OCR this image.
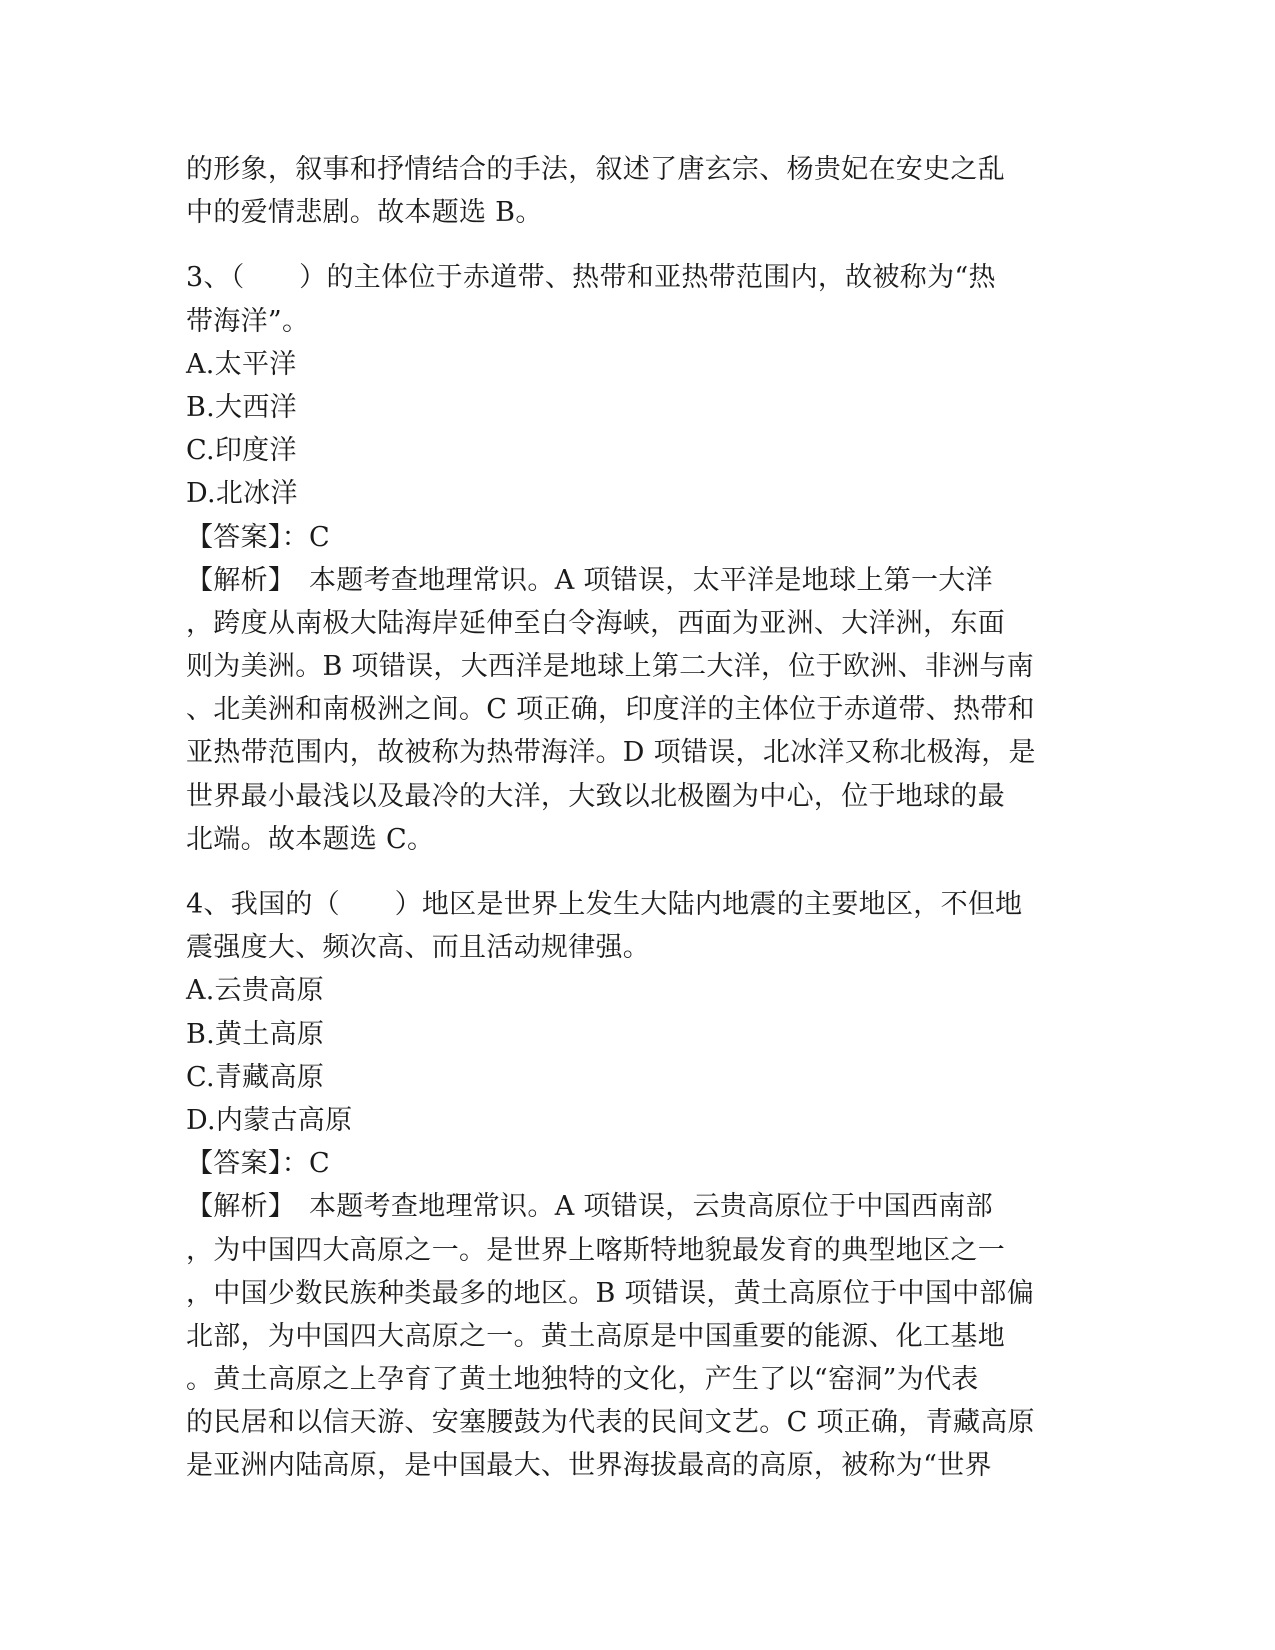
的形象，叙事和抒情结合的手法，叙述了唐玄宗、杨贵妃在安史之乱
中的爱情悲剧。故本题选 B。
3、（　　）的主体位于赤道带、热带和亚热带范围内，故被称为“热
带海洋”。
A.太平洋
B.大西洋
C.印度洋
D.北冰洋
【答案】：C
【解析】　本题考查地理常识。A 项错误，太平洋是地球上第一大洋
，跨度从南极大陆海岸延伸至白令海峡，西面为亚洲、大洋洲，东面
则为美洲。B 项错误，大西洋是地球上第二大洋，位于欧洲、非洲与南
、北美洲和南极洲之间。C 项正确，印度洋的主体位于赤道带、热带和
亚热带范围内，故被称为热带海洋。D 项错误，北冰洋又称北极海，是
世界最小最浅以及最冷的大洋，大致以北极圈为中心，位于地球的最
北端。故本题选 C。
4、我国的（　　）地区是世界上发生大陆内地震的主要地区，不但地
震强度大、频次高、而且活动规律强。
A.云贵高原
B.黄土高原
C.青藏高原
D.内蒙古高原
【答案】：C
【解析】　本题考查地理常识。A 项错误，云贵高原位于中国西南部
，为中国四大高原之一。是世界上喀斯特地貌最发育的典型地区之一
，中国少数民族种类最多的地区。B 项错误，黄土高原位于中国中部偏
北部，为中国四大高原之一。黄土高原是中国重要的能源、化工基地
。黄土高原之上孕育了黄土地独特的文化，产生了以“窑洞”为代表
的民居和以信天游、安塞腰鼓为代表的民间文艺。C 项正确，青藏高原
是亚洲内陆高原，是中国最大、世界海拔最高的高原，被称为“世界
